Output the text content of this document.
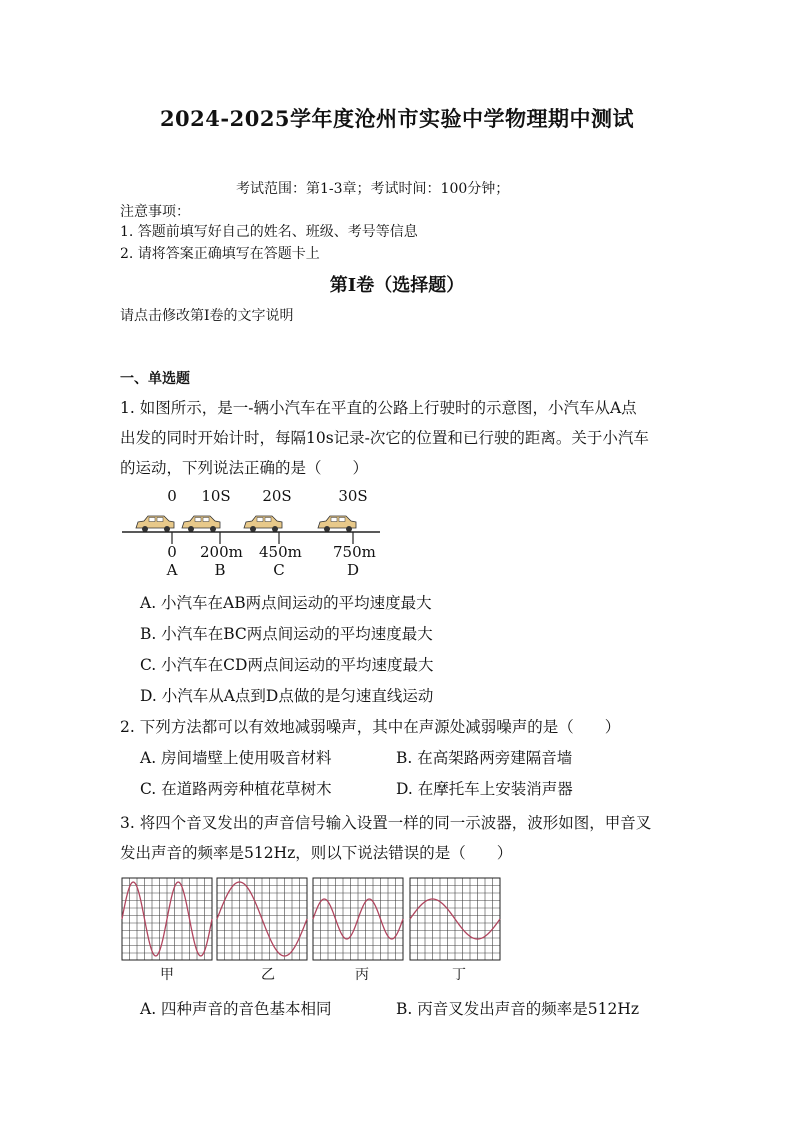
2024-2025学年度沧州市实验中学物理期中测试
考试范围：第1-3章；考试时间：100分钟；
注意事项：
1. 答题前填写好自己的姓名、班级、考号等信息
2. 请将答案正确填写在答题卡上
第I卷（选择题）
请点击修改第I卷的文字说明
一、单选题
1. 如图所示，是一-辆小汽车在平直的公路上行驶时的示意图，小汽车从A点
出发的同时开始计时，每隔10s记录-次它的位置和已行驶的距离。关于小汽车
的运动，下列说法正确的是（　　）
0	10S	20S	30S
0	200m 450m 750m
A	B	C	D
A. 小汽车在AB两点间运动的平均速度最大
B. 小汽车在BC两点间运动的平均速度最大
C. 小汽车在CD两点间运动的平均速度最大
D. 小汽车从A点到D点做的是匀速直线运动
2. 下列方法都可以有效地减弱噪声，其中在声源处减弱噪声的是（　　）
A. 房间墙壁上使用吸音材料	B. 在高架路两旁建隔音墙
C. 在道路两旁种植花草树木	D. 在摩托车上安装消声器
3. 将四个音叉发出的声音信号输入设置一样的同一示波器，波形如图，甲音叉
发出声音的频率是512Hz，则以下说法错误的是（　　）
甲	乙	丙	丁
A. 四种声音的音色基本相同	B. 丙音叉发出声音的频率是512Hz
